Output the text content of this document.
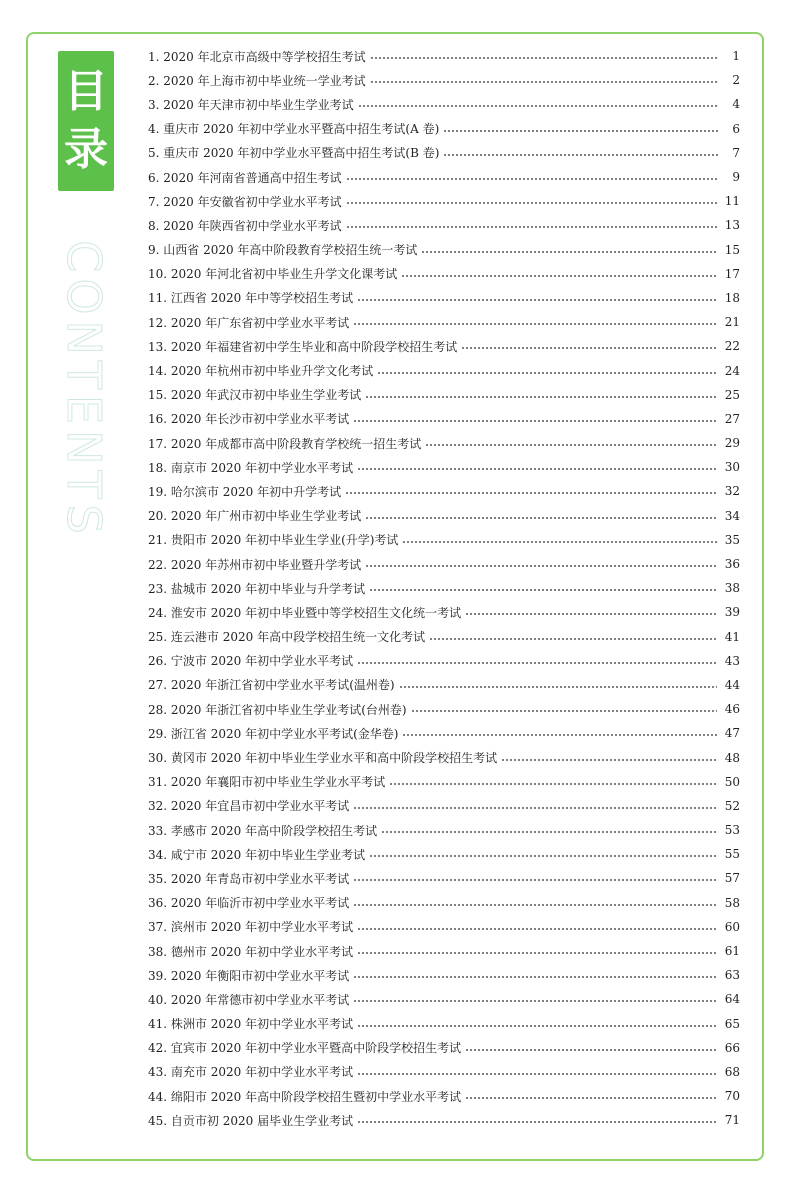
目
录
CONTENTS
1. 2020 年北京市高级中等学校招生考试	1
2. 2020 年上海市初中毕业统一学业考试	2
3. 2020 年天津市初中毕业生学业考试	4
4. 重庆市 2020 年初中学业水平暨高中招生考试(A 卷)	6
5. 重庆市 2020 年初中学业水平暨高中招生考试(B 卷)	7
6. 2020 年河南省普通高中招生考试	9
7. 2020 年安徽省初中学业水平考试	11
8. 2020 年陕西省初中学业水平考试	13
9. 山西省 2020 年高中阶段教育学校招生统一考试	15
10. 2020 年河北省初中毕业生升学文化课考试	17
11. 江西省 2020 年中等学校招生考试	18
12. 2020 年广东省初中学业水平考试	21
13. 2020 年福建省初中学生毕业和高中阶段学校招生考试	22
14. 2020 年杭州市初中毕业升学文化考试	24
15. 2020 年武汉市初中毕业生学业考试	25
16. 2020 年长沙市初中学业水平考试	27
17. 2020 年成都市高中阶段教育学校统一招生考试	29
18. 南京市 2020 年初中学业水平考试	30
19. 哈尔滨市 2020 年初中升学考试	32
20. 2020 年广州市初中毕业生学业考试	34
21. 贵阳市 2020 年初中毕业生学业(升学)考试	35
22. 2020 年苏州市初中毕业暨升学考试	36
23. 盐城市 2020 年初中毕业与升学考试	38
24. 淮安市 2020 年初中毕业暨中等学校招生文化统一考试	39
25. 连云港市 2020 年高中段学校招生统一文化考试	41
26. 宁波市 2020 年初中学业水平考试	43
27. 2020 年浙江省初中学业水平考试(温州卷)	44
28. 2020 年浙江省初中毕业生学业考试(台州卷)	46
29. 浙江省 2020 年初中学业水平考试(金华卷)	47
30. 黄冈市 2020 年初中毕业生学业水平和高中阶段学校招生考试	48
31. 2020 年襄阳市初中毕业生学业水平考试	50
32. 2020 年宜昌市初中学业水平考试	52
33. 孝感市 2020 年高中阶段学校招生考试	53
34. 咸宁市 2020 年初中毕业生学业考试	55
35. 2020 年青岛市初中学业水平考试	57
36. 2020 年临沂市初中学业水平考试	58
37. 滨州市 2020 年初中学业水平考试	60
38. 德州市 2020 年初中学业水平考试	61
39. 2020 年衡阳市初中学业水平考试	63
40. 2020 年常德市初中学业水平考试	64
41. 株洲市 2020 年初中学业水平考试	65
42. 宜宾市 2020 年初中学业水平暨高中阶段学校招生考试	66
43. 南充市 2020 年初中学业水平考试	68
44. 绵阳市 2020 年高中阶段学校招生暨初中学业水平考试	70
45. 自贡市初 2020 届毕业生学业考试	71
